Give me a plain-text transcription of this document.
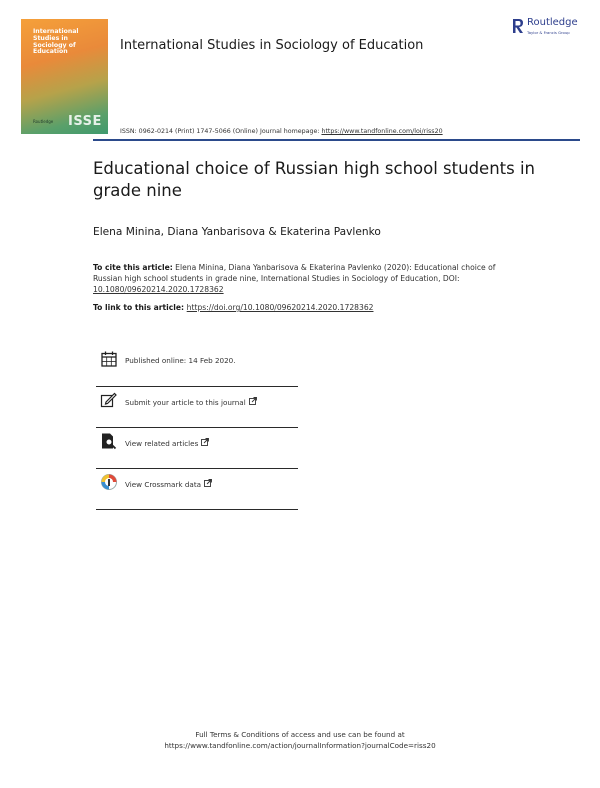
International Studies in Sociology of Education
Routledge ISSE
International Studies in Sociology of Education
Routledge
Taylor & Francis Group
ISSN: 0962-0214 (Print) 1747-5066 (Online) Journal homepage: https://www.tandfonline.com/loi/riss20
Educational choice of Russian high school students in grade nine
Elena Minina, Diana Yanbarisova & Ekaterina Pavlenko
To cite this article: Elena Minina, Diana Yanbarisova & Ekaterina Pavlenko (2020): Educational choice of Russian high school students in grade nine, International Studies in Sociology of Education, DOI: 10.1080/09620214.2020.1728362
To link to this article: https://doi.org/10.1080/09620214.2020.1728362
Published online: 14 Feb 2020.
Submit your article to this journal
View related articles
View Crossmark data
Full Terms & Conditions of access and use can be found at
https://www.tandfonline.com/action/journalInformation?journalCode=riss20
